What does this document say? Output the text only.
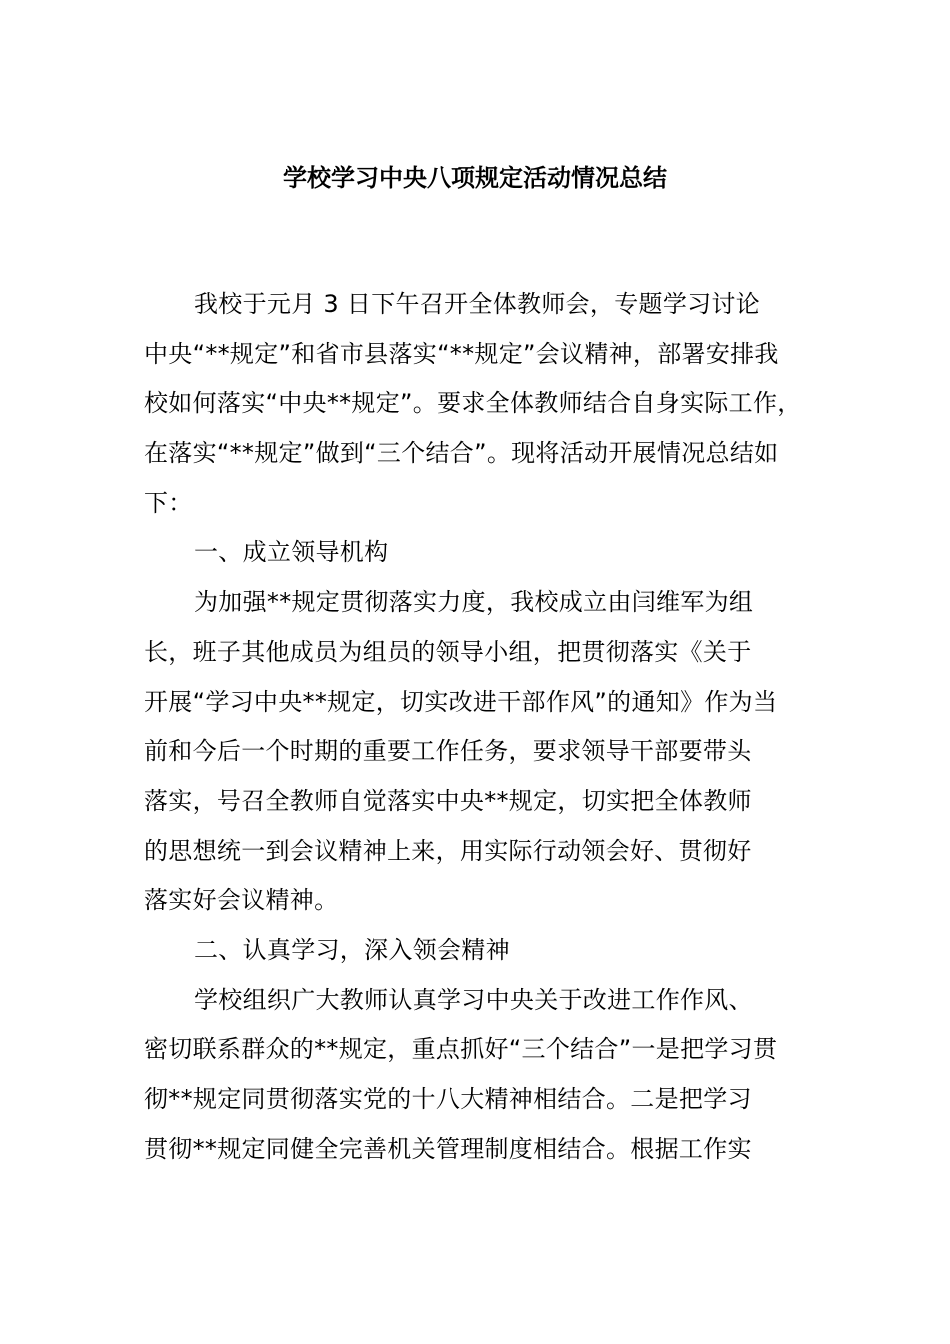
学校学习中央八项规定活动情况总结
我校于元月 3 日下午召开全体教师会，专题学习讨论
中央“**规定”和省市县落实“**规定”会议精神，部署安排我
校如何落实“中央**规定”。要求全体教师结合自身实际工作，
在落实“**规定”做到“三个结合”。现将活动开展情况总结如
下：
一、成立领导机构
为加强**规定贯彻落实力度，我校成立由闫维军为组
长，班子其他成员为组员的领导小组，把贯彻落实《关于
开展“学习中央**规定，切实改进干部作风”的通知》作为当
前和今后一个时期的重要工作任务，要求领导干部要带头
落实，号召全教师自觉落实中央**规定，切实把全体教师
的思想统一到会议精神上来，用实际行动领会好、贯彻好
落实好会议精神。
二、认真学习，深入领会精神
学校组织广大教师认真学习中央关于改进工作作风、
密切联系群众的**规定，重点抓好“三个结合”一是把学习贯
彻**规定同贯彻落实党的十八大精神相结合。二是把学习
贯彻**规定同健全完善机关管理制度相结合。根据工作实
